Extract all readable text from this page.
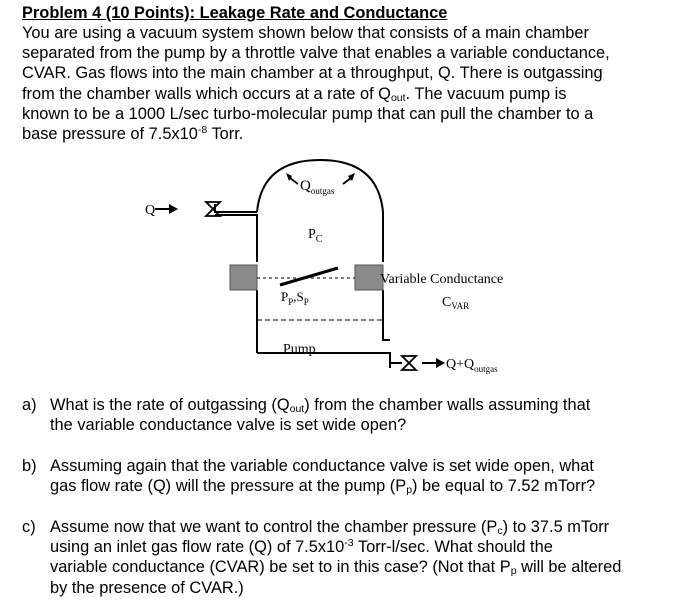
Problem 4 (10 Points): Leakage Rate and Conductance
You are using a vacuum system shown below that consists of a main chamber
separated from the pump by a throttle valve that enables a variable conductance,
CVAR. Gas flows into the main chamber at a throughput, Q. There is outgassing
from the chamber walls which occurs at a rate of $Q_{out}$. The vacuum pump is
known to be a 1000 L/sec turbo-molecular pump that can pull the chamber to a
base pressure of $7.5x10^{-8}$ Torr.
Q
$Q_{outgas}$
$P_C$
$P_P,S_P$
Pump
Variable Conductance
$C_{VAR}$
$Q+Q_{outgas}$
a) What is the rate of outgassing $(Q_{out})$ from the chamber walls assuming that
the variable conductance valve is set wide open?
b) Assuming again that the variable conductance valve is set wide open, what
gas flow rate (Q) will the pressure at the pump $(P_p)$ be equal to 7.52 mTorr?
c) Assume now that we want to control the chamber pressure $(P_c)$ to 37.5 mTorr
using an inlet gas flow rate (Q) of $7.5x10^{-3}$ Torr-l/sec. What should the
variable conductance (CVAR) be set to in this case? (Not that $P_p$ will be altered
by the presence of CVAR.)
